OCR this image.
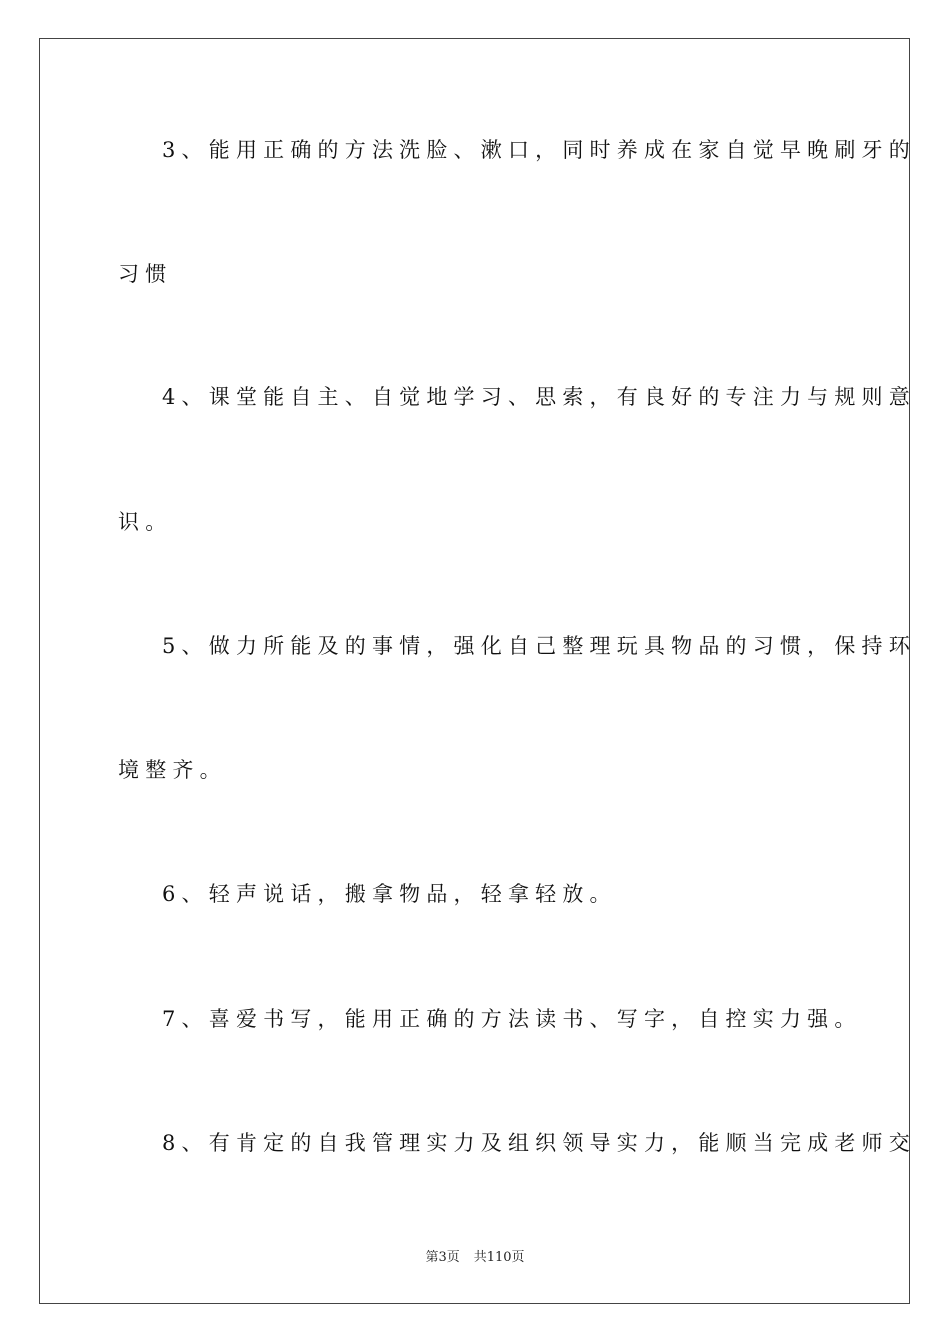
3、能用正确的方法洗脸、漱口，同时养成在家自觉早晚刷牙的
习惯
4、课堂能自主、自觉地学习、思索，有良好的专注力与规则意
识。
5、做力所能及的事情，强化自己整理玩具物品的习惯，保持环
境整齐。
6、轻声说话，搬拿物品，轻拿轻放。
7、喜爱书写，能用正确的方法读书、写字，自控实力强。
8、有肯定的自我管理实力及组织领导实力，能顺当完成老师交
第3页 共110页
